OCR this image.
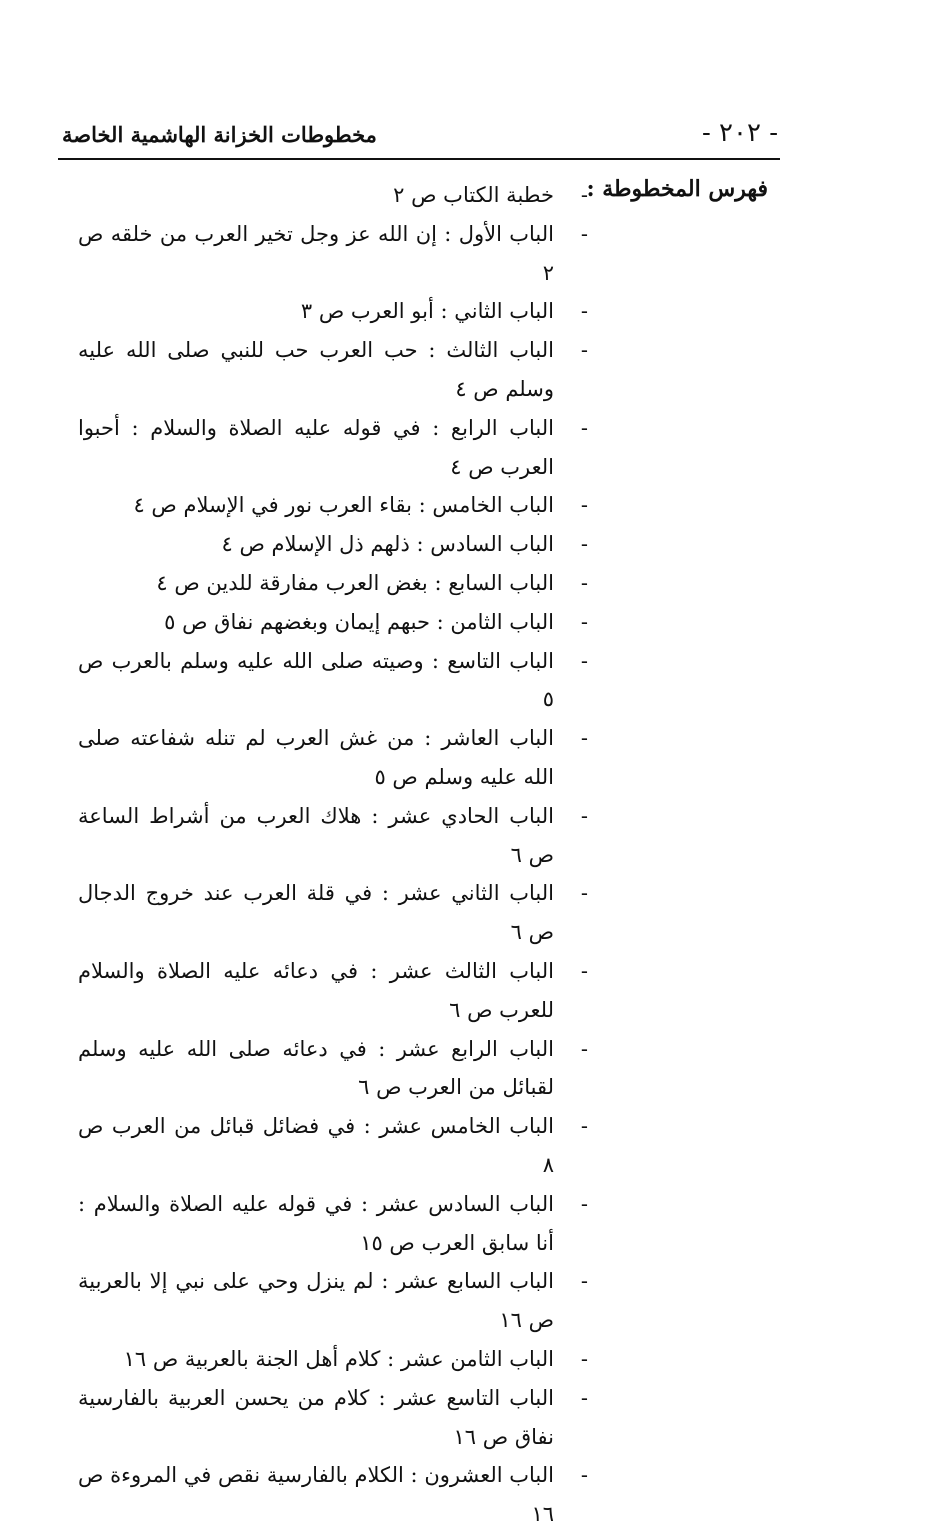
- ٢٠٢ -
مخطوطات الخزانة الهاشمية الخاصة
فهرس المخطوطة :
- خطبة الكتاب ص ٢
- الباب الأول : إن الله عز وجل تخير العرب من خلقه ص ٢
- الباب الثاني : أبو العرب ص ٣
- الباب الثالث : حب العرب حب للنبي صلى الله عليه وسلم ص ٤
- الباب الرابع : في قوله عليه الصلاة والسلام : أحبوا العرب ص ٤
- الباب الخامس : بقاء العرب نور في الإسلام ص ٤
- الباب السادس : ذلهم ذل الإسلام ص ٤
- الباب السابع : بغض العرب مفارقة للدين ص ٤
- الباب الثامن : حبهم إيمان وبغضهم نفاق ص ٥
- الباب التاسع : وصيته صلى الله عليه وسلم بالعرب ص ٥
- الباب العاشر : من غش العرب لم تنله شفاعته صلى الله عليه وسلم ص ٥
- الباب الحادي عشر : هلاك العرب من أشراط الساعة ص ٦
- الباب الثاني عشر : في قلة العرب عند خروج الدجال ص ٦
- الباب الثالث عشر : في دعائه عليه الصلاة والسلام للعرب ص ٦
- الباب الرابع عشر : في دعائه صلى الله عليه وسلم لقبائل من العرب ص ٦
- الباب الخامس عشر : في فضائل قبائل من العرب ص ٨
- الباب السادس عشر : في قوله عليه الصلاة والسلام : أنا سابق العرب ص ١٥
- الباب السابع عشر : لم ينزل وحي على نبي إلا بالعربية ص ١٦
- الباب الثامن عشر : كلام أهل الجنة بالعربية ص ١٦
- الباب التاسع عشر : كلام من يحسن العربية بالفارسية نفاق ص ١٦
- الباب العشرون : الكلام بالفارسية نقص في المروءة ص ١٦
